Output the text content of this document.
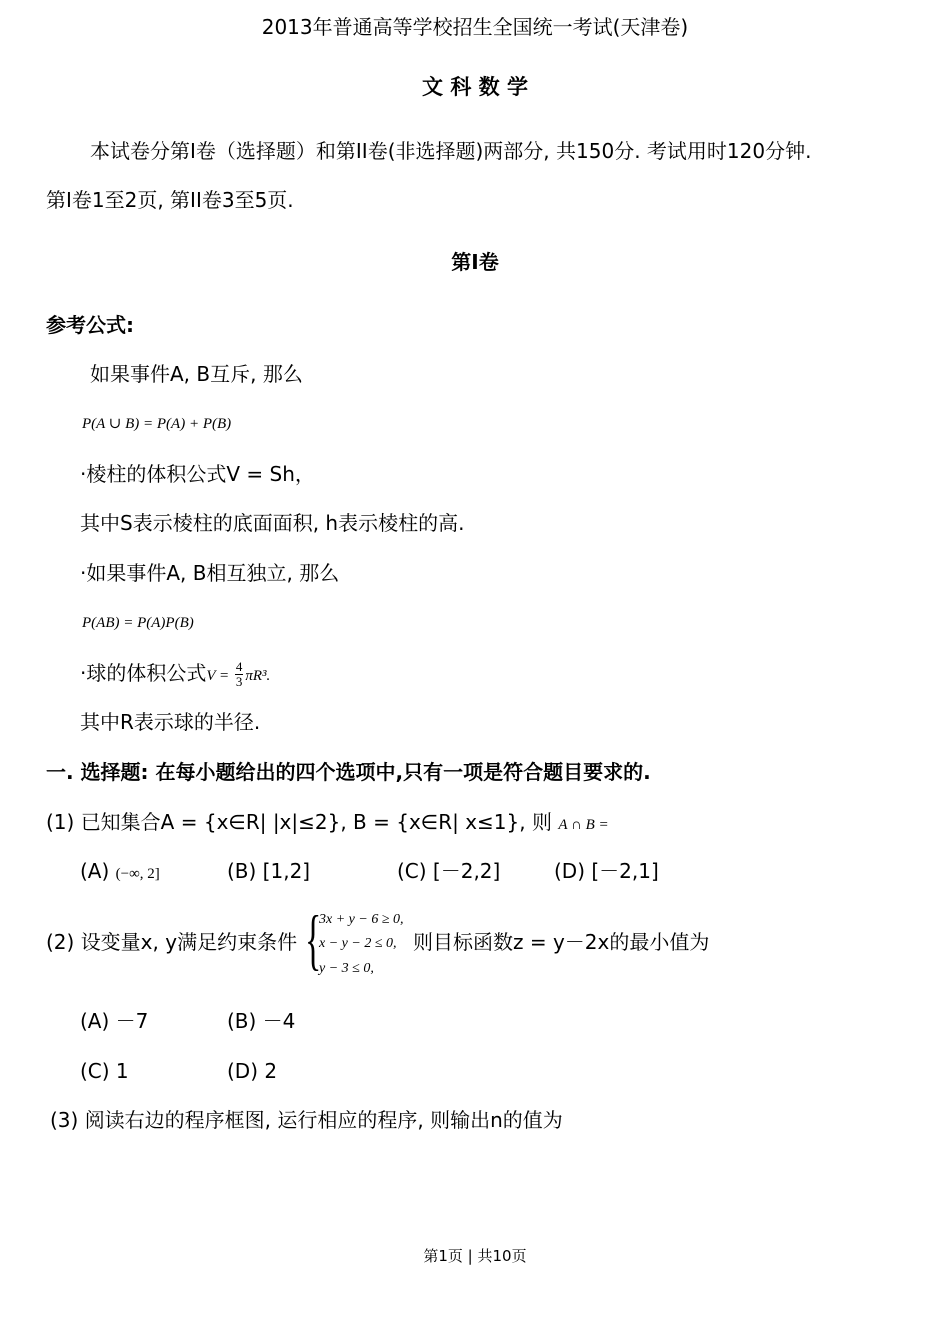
2013年普通高等学校招生全国统一考试(天津卷)
文 科 数 学
本试卷分第I卷（选择题）和第II卷(非选择题)两部分, 共150分. 考试用时120分钟.
第I卷1至2页, 第II卷3至5页.
第I卷
参考公式:
如果事件A, B互斥, 那么
P(A ∪ B) = P(A) + P(B)
·棱柱的体积公式V = Sh，
其中S表示棱柱的底面面积, h表示棱柱的高.
·如果事件A, B相互独立, 那么
P(AB) = P(A)P(B)
·球的体积公式$V = \frac{4}{3} \pi R^3$.
其中R表示球的半径.
一. 选择题: 在每小题给出的四个选项中,只有一项是符合题目要求的.
(1) 已知集合A = {x∈R| |x|≤2}, B = {x∈R| x≤1}, 则 A ∩ B =
(A) (−∞, 2]	(B) [1,2]	(C) [－2,2]	(D) [－2,1]
(2) 设变量x, y满足约束条件 {
3x + y − 6 ≥ 0,
x − y − 2 ≤ 0,
y − 3 ≤ 0,
则目标函数z = y－2x的最小值为
(A) －7	(B) －4
(C) 1	(D) 2
(3) 阅读右边的程序框图, 运行相应的程序, 则输出n的值为
第1页 | 共10页
